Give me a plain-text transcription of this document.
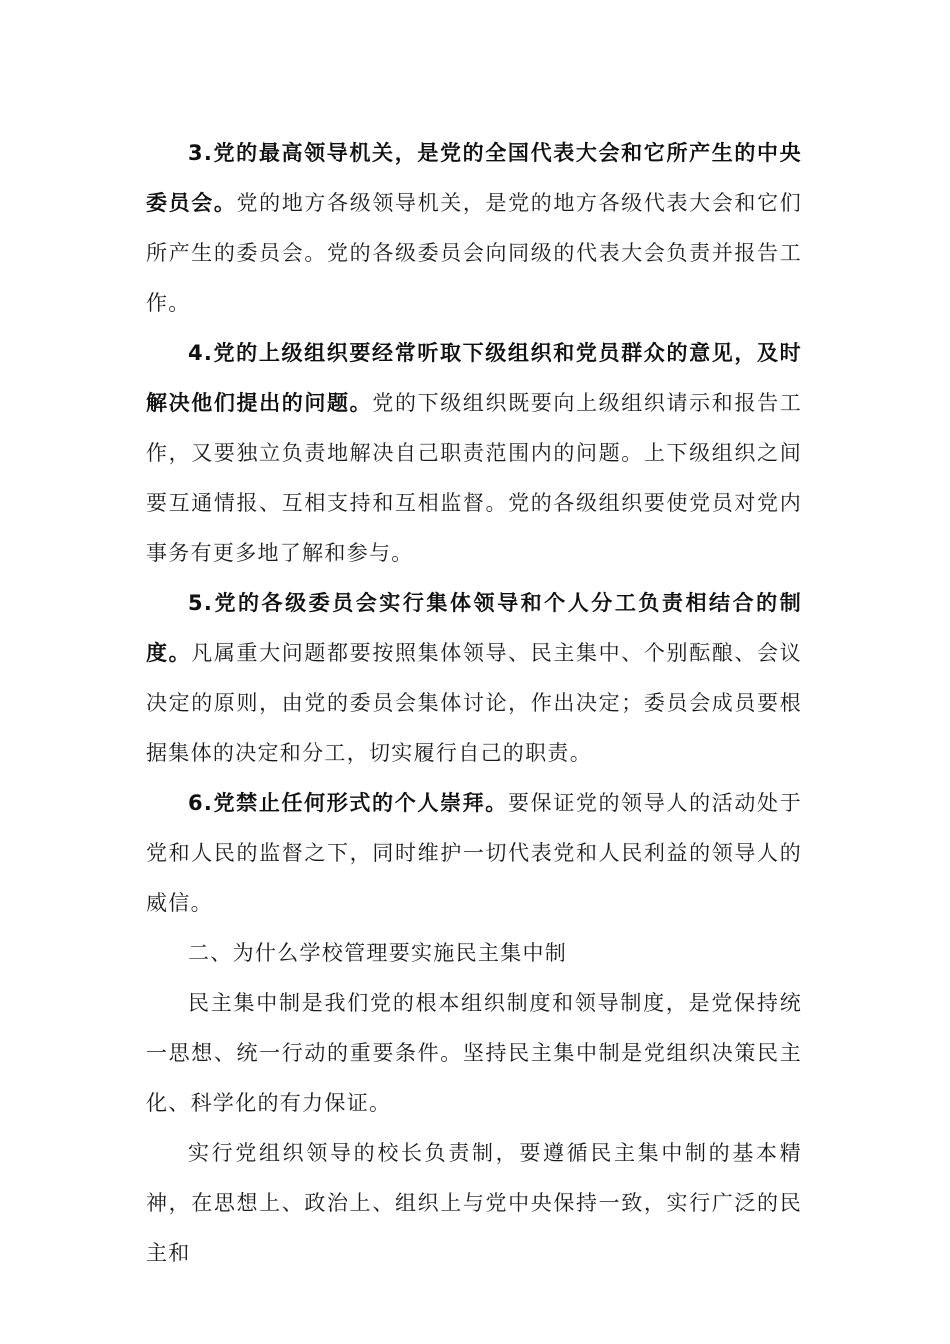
3.党的最高领导机关，是党的全国代表大会和它所产生的中央委员会。党的地方各级领导机关，是党的地方各级代表大会和它们所产生的委员会。党的各级委员会向同级的代表大会负责并报告工作。

4.党的上级组织要经常听取下级组织和党员群众的意见，及时解决他们提出的问题。党的下级组织既要向上级组织请示和报告工作，又要独立负责地解决自己职责范围内的问题。上下级组织之间要互通情报、互相支持和互相监督。党的各级组织要使党员对党内事务有更多地了解和参与。

5.党的各级委员会实行集体领导和个人分工负责相结合的制度。凡属重大问题都要按照集体领导、民主集中、个别酝酿、会议决定的原则，由党的委员会集体讨论，作出决定；委员会成员要根据集体的决定和分工，切实履行自己的职责。

6.党禁止任何形式的个人崇拜。要保证党的领导人的活动处于党和人民的监督之下，同时维护一切代表党和人民利益的领导人的威信。

二、为什么学校管理要实施民主集中制

民主集中制是我们党的根本组织制度和领导制度，是党保持统一思想、统一行动的重要条件。坚持民主集中制是党组织决策民主化、科学化的有力保证。

实行党组织领导的校长负责制，要遵循民主集中制的基本精神，在思想上、政治上、组织上与党中央保持一致，实行广泛的民主和
